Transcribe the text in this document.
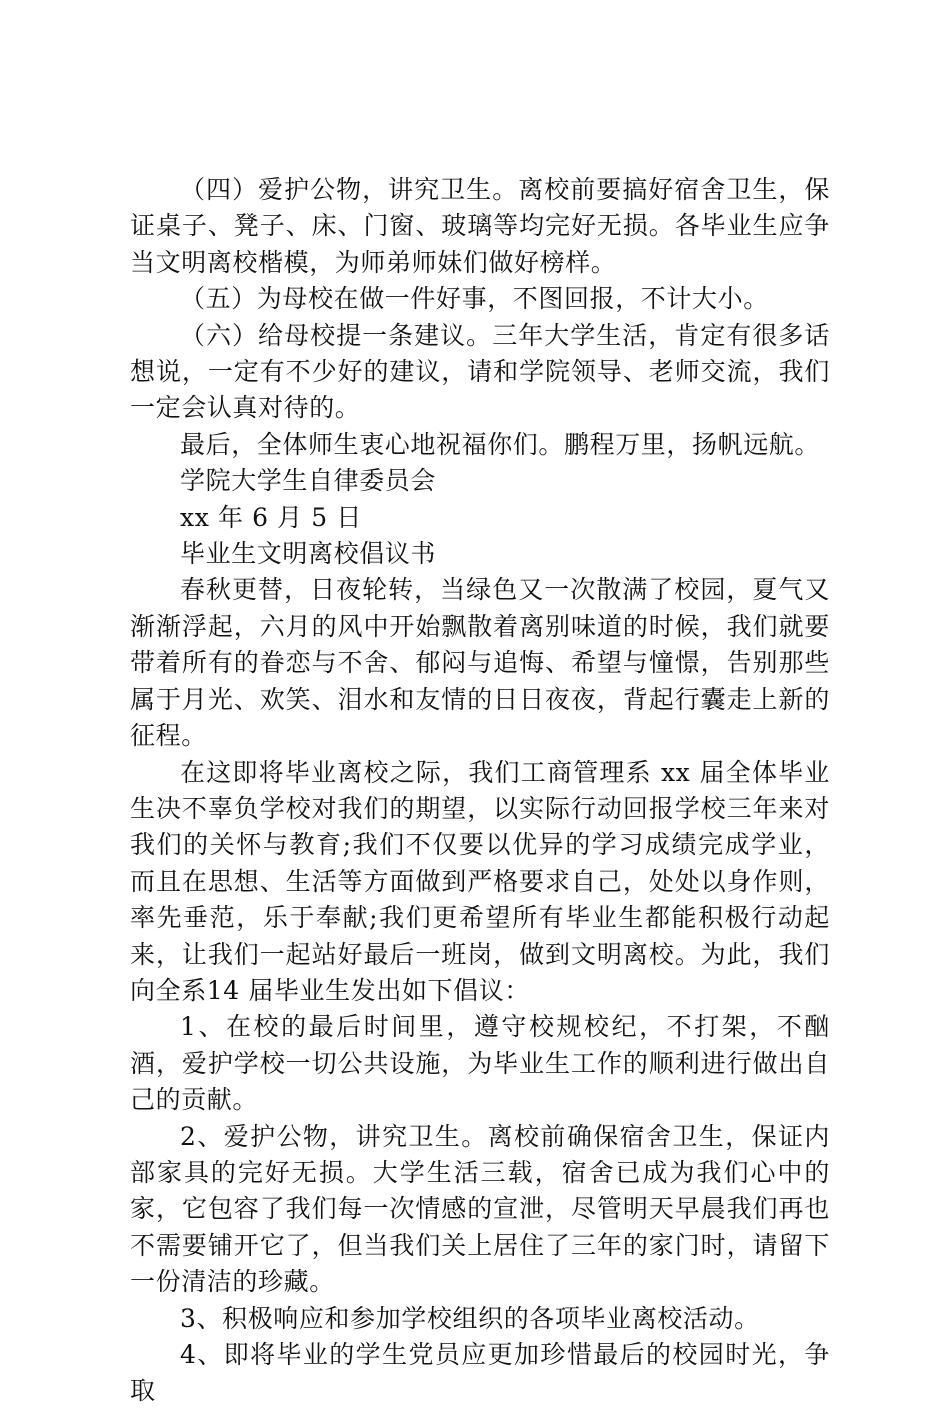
（四）爱护公物，讲究卫生。离校前要搞好宿舍卫生，保证桌子、凳子、床、门窗、玻璃等均完好无损。各毕业生应争当文明离校楷模，为师弟师妹们做好榜样。

（五）为母校在做一件好事，不图回报，不计大小。

（六）给母校提一条建议。三年大学生活，肯定有很多话想说，一定有不少好的建议，请和学院领导、老师交流，我们一定会认真对待的。

最后，全体师生衷心地祝福你们。鹏程万里，扬帆远航。

学院大学生自律委员会

xx 年 6 月 5 日

毕业生文明离校倡议书

春秋更替，日夜轮转，当绿色又一次散满了校园，夏气又渐渐浮起，六月的风中开始飘散着离别味道的时候，我们就要带着所有的眷恋与不舍、郁闷与追悔、希望与憧憬，告别那些属于月光、欢笑、泪水和友情的日日夜夜，背起行囊走上新的征程。

在这即将毕业离校之际，我们工商管理系 xx 届全体毕业生决不辜负学校对我们的期望，以实际行动回报学校三年来对我们的关怀与教育;我们不仅要以优异的学习成绩完成学业，而且在思想、生活等方面做到严格要求自己，处处以身作则，率先垂范，乐于奉献;我们更希望所有毕业生都能积极行动起来，让我们一起站好最后一班岗，做到文明离校。为此，我们向全系14 届毕业生发出如下倡议：

1、在校的最后时间里，遵守校规校纪，不打架，不酗酒，爱护学校一切公共设施，为毕业生工作的顺利进行做出自己的贡献。

2、爱护公物，讲究卫生。离校前确保宿舍卫生，保证内部家具的完好无损。大学生活三载，宿舍已成为我们心中的家，它包容了我们每一次情感的宣泄，尽管明天早晨我们再也不需要铺开它了，但当我们关上居住了三年的家门时，请留下一份清洁的珍藏。

3、积极响应和参加学校组织的各项毕业离校活动。

4、即将毕业的学生党员应更加珍惜最后的校园时光，争取
